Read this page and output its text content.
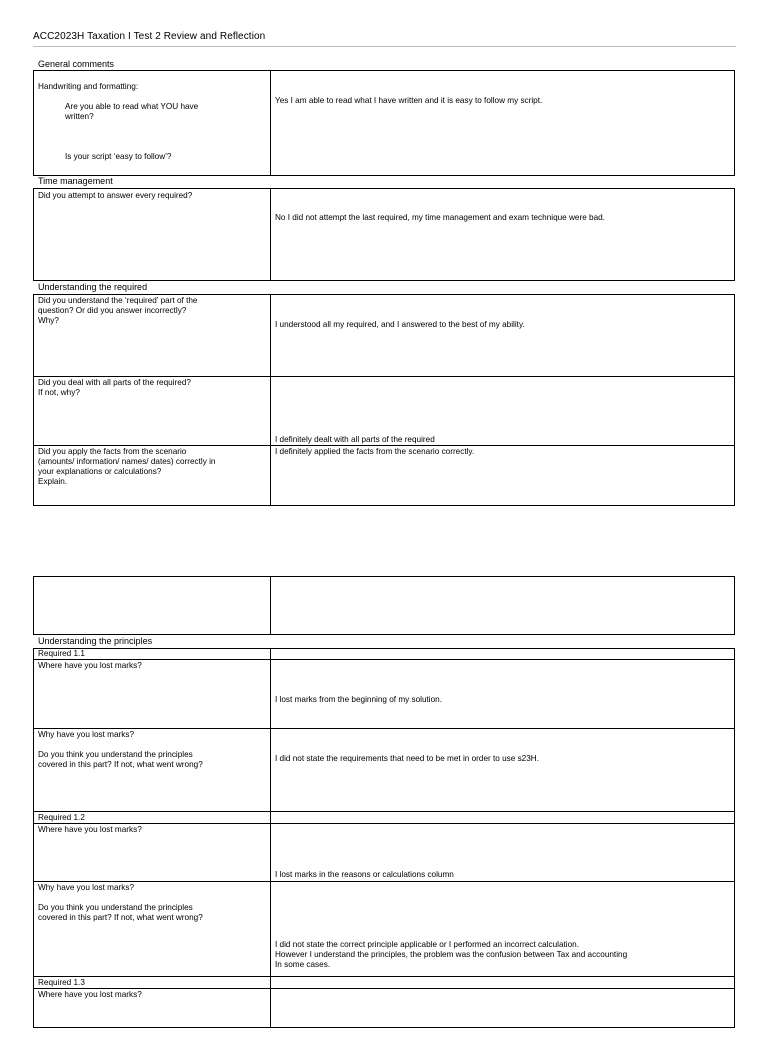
ACC2023H Taxation I Test 2 Review and Reflection
General comments

Handwriting and formatting:

Are you able to read what YOU have
written?

Is your script ‘easy to follow’?

Yes I am able to read what I have written and it is easy to follow my script.
Time management
Did you attempt to answer every required?
No I did not attempt the last required, my time management and exam technique were bad.
Understanding the required
Did you understand the ‘required’ part of the
question? Or did you answer incorrectly?
Why?	I understood all my required, and I answered to the best of my ability.
Did you deal with all parts of the required?
If not, why?
I definitely dealt with all parts of the required
Did you apply the facts from the scenario
(amounts/ information/ names/ dates) correctly in
your explanations or calculations?
Explain.
I definitely applied the facts from the scenario correctly.
Understanding the principles
Required 1.1
Where have you lost marks?
I lost marks from the beginning of my solution.
Why have you lost marks?

Do you think you understand the principles
covered in this part? If not, what went wrong?
I did not state the requirements that need to be met in order to use s23H.
Required 1.2
Where have you lost marks?
I lost marks in the reasons or calculations column
Why have you lost marks?

Do you think you understand the principles
covered in this part? If not, what went wrong?
I did not state the correct principle applicable or I performed an incorrect calculation.
However I understand the principles, the problem was the confusion between Tax and accounting
In some cases.
Required 1.3
Where have you lost marks?
